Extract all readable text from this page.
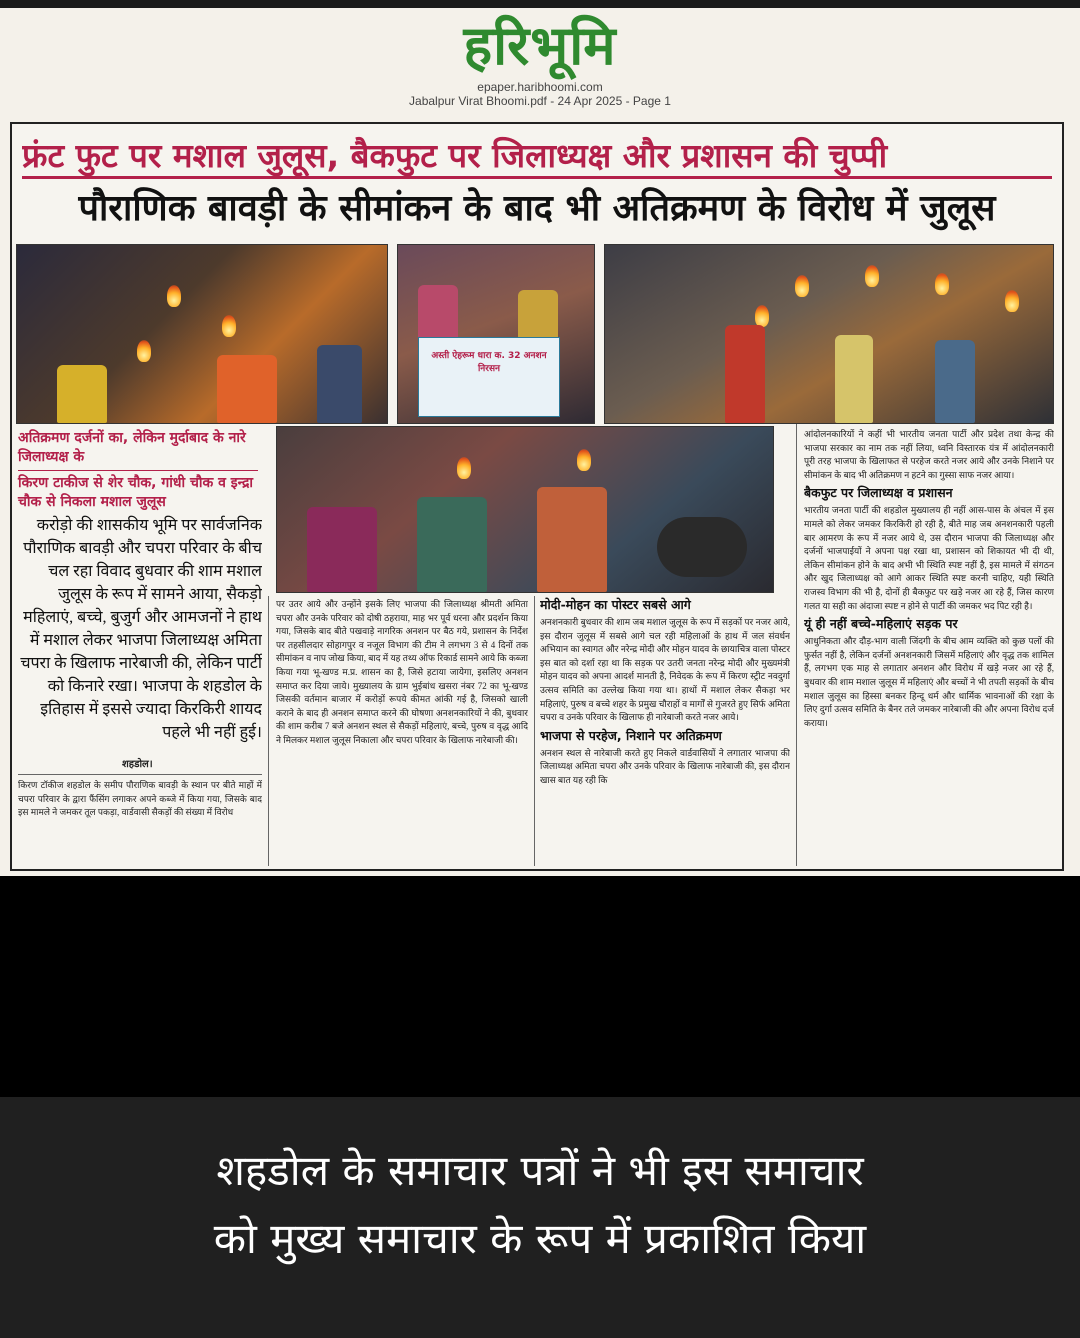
हरिभूमि
epaper.haribhoomi.com
Jabalpur Virat Bhoomi.pdf - 24 Apr 2025 - Page 1
फ्रंट फुट पर मशाल जुलूस, बैकफुट पर जिलाध्यक्ष और प्रशासन की चुप्पी
पौराणिक बावड़ी के सीमांकन के बाद भी अतिक्रमण के विरोध में जुलूस
अस्ती ऐहरूम धारा क. 32 अनशन निरसन
अतिक्रमण दर्जनों का, लेकिन मुर्दाबाद के नारे जिलाध्यक्ष के
किरण टाकीज से शेर चौक, गांधी चौक व इन्द्रा चौक से निकला मशाल जुलूस
करोड़ो की शासकीय भूमि पर सार्वजनिक पौराणिक बावड़ी और चपरा परिवार के बीच चल रहा विवाद बुधवार की शाम मशाल जुलूस के रूप में सामने आया, सैकड़ो महिलाएं, बच्चे, बुजुर्ग और आमजनों ने हाथ में मशाल लेकर भाजपा जिलाध्यक्ष अमिता चपरा के खिलाफ नारेबाजी की, लेकिन पार्टी को किनारे रखा। भाजपा के शहडोल के इतिहास में इससे ज्यादा किरकिरी शायद पहले भी नहीं हुई।
शहडोल।
किरण टॉकीज शहडोल के समीप पौराणिक बावड़ी के स्थान पर बीते माहों में चपरा परिवार के द्वारा फैंसिंग लगाकर अपने कब्जे में किया गया, जिसके बाद इस मामले ने जमकर तूल पकड़ा, वार्डवासी सैकड़ों की संख्या में विरोध
पर उतर आये और उन्होंने इसके लिए भाजपा की जिलाध्यक्ष श्रीमती अमिता चपरा और उनके परिवार को दोषी ठहराया, माह भर पूर्व धरना और प्रदर्शन किया गया, जिसके बाद बीते पखवाड़े नागरिक अनशन पर बैठ गये, प्रशासन के निर्देश पर तहसीलदार सोहागपुर व नजूल विभाग की टीम ने लगभग 3 से 4 दिनों तक सीमांकन व नाप जोख किया, बाद में यह तथ्य ऑफ रिकार्ड सामने आये कि कब्जा किया गया भू-खण्ड म.प्र. शासन का है, जिसे हटाया जायेगा, इसलिए अनशन समाप्त कर दिया जाये। मुख्यालय के ग्राम भुईबांध खसरा नंबर 72 का भू-खण्ड जिसकी वर्तमान बाजार में करोड़ों रूपये कीमत आंकी गई है, जिसको खाली कराने के बाद ही अनशन समाप्त करने की घोषणा अनशनकारियों ने की, बुधवार की शाम करीब 7 बजे अनशन स्थल से सैकड़ों महिलाएं, बच्चे, पुरुष व वृद्ध आदि ने मिलकर मशाल जुलूस निकाला और चपरा परिवार के खिलाफ नारेबाजी की।
मोदी-मोहन का पोस्टर सबसे आगे
अनशनकारी बुधवार की शाम जब मशाल जुलूस के रूप में सड़कों पर नजर आये, इस दौरान जुलूस में सबसे आगे चल रही महिलाओं के हाथ में जल संवर्धन अभियान का स्वागत और नरेन्द्र मोदी और मोहन यादव के छायाचित्र वाला पोस्टर इस बात को दर्शा रहा था कि सड़क पर उतरी जनता नरेन्द्र मोदी और मुख्यमंत्री मोहन यादव को अपना आदर्श मानती है, निवेदक के रूप में किरण स्ट्रीट नवदुर्गा उत्सव समिति का उल्लेख किया गया था। हाथों में मशाल लेकर सैकड़ा भर महिलाएं, पुरुष व बच्चे शहर के प्रमुख चौराहों व मार्गों से गुजरते हुए सिर्फ अमिता चपरा व उनके परिवार के खिलाफ ही नारेबाजी करते नजर आये।
भाजपा से परहेज, निशाने पर अतिक्रमण
अनशन स्थल से नारेबाजी करते हुए निकले वार्डवासियों ने लगातार भाजपा की जिलाध्यक्ष अमिता चपरा और उनके परिवार के खिलाफ नारेबाजी की, इस दौरान खास बात यह रही कि
आंदोलनकारियों ने कहीं भी भारतीय जनता पार्टी और प्रदेश तथा केन्द्र की भाजपा सरकार का नाम तक नहीं लिया, ध्वनि विस्तारक यंत्र में आंदोलनकारी पूरी तरह भाजपा के खिलाफत से परहेज करते नजर आये और उनके निशाने पर सीमांकन के बाद भी अतिक्रमण न हटने का गुस्सा साफ नजर आया।
बैकफुट पर जिलाध्यक्ष व प्रशासन
भारतीय जनता पार्टी की शहडोल मुख्यालय ही नहीं आस-पास के अंचल में इस मामले को लेकर जमकर किरकिरी हो रही है, बीते माह जब अनशनकारी पहली बार आमरण के रूप में नजर आये थे, उस दौरान भाजपा की जिलाध्यक्ष और दर्जनों भाजपाईयों ने अपना पक्ष रखा था, प्रशासन को शिकायत भी दी थी, लेकिन सीमांकन होने के बाद अभी भी स्थिति स्पष्ट नहीं है, इस मामले में संगठन और खुद जिलाध्यक्ष को आगे आकर स्थिति स्पष्ट करनी चाहिए, यही स्थिति राजस्व विभाग की भी है, दोनों ही बैकफुट पर खड़े नजर आ रहे हैं, जिस कारण गलत या सही का अंदाजा स्पष्ट न होने से पार्टी की जमकर भद पिट रही है।
यूं ही नहीं बच्चे-महिलाएं सड़क पर
आधुनिकता और दौड़-भाग वाली जिंदगी के बीच आम व्यक्ति को कुछ पलों की फुर्सत नहीं है, लेकिन दर्जनों अनशनकारी जिसमें महिलाएं और वृद्ध तक शामिल हैं, लगभग एक माह से लगातार अनशन और विरोध में खड़े नजर आ रहे हैं, बुधवार की शाम मशाल जुलूस में महिलाएं और बच्चों ने भी तपती सड़कों के बीच मशाल जुलूस का हिस्सा बनकर हिन्दू धर्म और धार्मिक भावनाओं की रक्षा के लिए दुर्गा उत्सव समिति के बैनर तले जमकर नारेबाजी की और अपना विरोध दर्ज कराया।
शहडोल के समाचार पत्रों ने भी इस समाचार
को मुख्य समाचार के रूप में प्रकाशित किया
